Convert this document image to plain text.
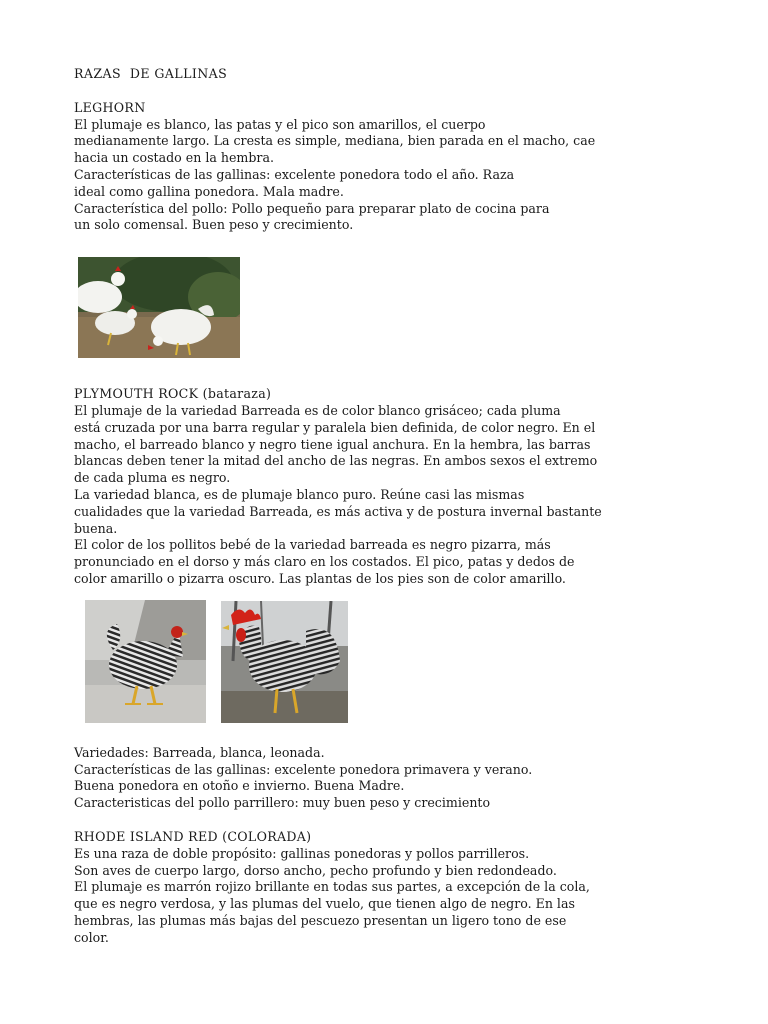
RAZAS  DE GALLINAS

LEGHORN

El plumaje es blanco, las patas y el pico son amarillos, el cuerpo

medianamente largo. La cresta es simple, mediana, bien parada en el macho, cae

hacia un costado en la hembra.

Características de las gallinas: excelente ponedora todo el año. Raza

ideal como gallina ponedora. Mala madre.

Característica del pollo: Pollo pequeño para preparar plato de cocina para

un solo comensal. Buen peso y crecimiento.

PLYMOUTH ROCK (bataraza)

El plumaje de la variedad Barreada es de color blanco grisáceo; cada pluma

está cruzada por una barra regular y paralela bien definida, de color negro. En el

macho, el barreado blanco y negro tiene igual anchura. En la hembra, las barras

blancas deben tener la mitad del ancho de las negras. En ambos sexos el extremo

de cada pluma es negro.

La variedad blanca, es de plumaje blanco puro. Reúne casi las mismas

cualidades que la variedad Barreada, es más activa y de postura invernal bastante

buena.

El color de los pollitos bebé de la variedad barreada es negro pizarra, más

pronunciado en el dorso y más claro en los costados. El pico, patas y dedos de

color amarillo o pizarra oscuro. Las plantas de los pies son de color amarillo.

Variedades: Barreada, blanca, leonada.

Características de las gallinas: excelente ponedora primavera y verano.

Buena ponedora en otoño e invierno. Buena Madre.

Caracteristicas del pollo parrillero: muy buen peso y crecimiento

RHODE ISLAND RED (COLORADA)

Es una raza de doble propósito: gallinas ponedoras y pollos parrilleros.

Son aves de cuerpo largo, dorso ancho, pecho profundo y bien redondeado.

El plumaje es marrón rojizo brillante en todas sus partes, a excepción de la cola,

que es negro verdosa, y las plumas del vuelo, que tienen algo de negro. En las

hembras, las plumas más bajas del pescuezo presentan un ligero tono de ese

color.
